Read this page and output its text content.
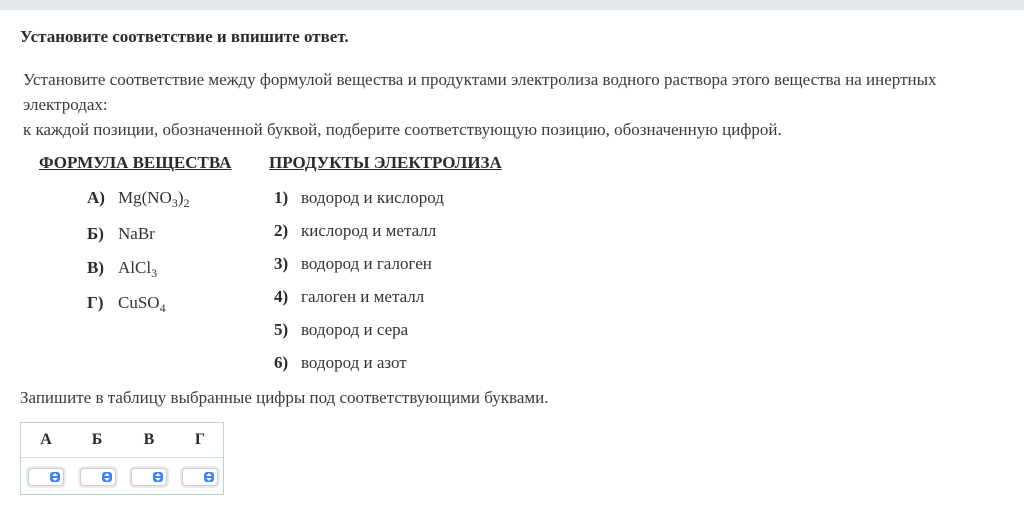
Установите соответствие и впишите ответ.
Установите соответствие между формулой вещества и продуктами электролиза водного раствора этого вещества на инертных электродах:
к каждой позиции, обозначенной буквой, подберите соответствующую позицию, обозначенную цифрой.
ФОРМУЛА ВЕЩЕСТВА ПРОДУКТЫ ЭЛЕКТРОЛИЗА
А) $Mg(NO_3)_2$
Б) NaBr
В) AlCl$_3$
Г) CuSO$_4$
1) водород и кислород
2) кислород и металл
3) водород и галоген
4) галоген и металл
5) водород и сера
6) водород и азот
Запишите в таблицу выбранные цифры под соответствующими буквами.
А	Б	В	Г
